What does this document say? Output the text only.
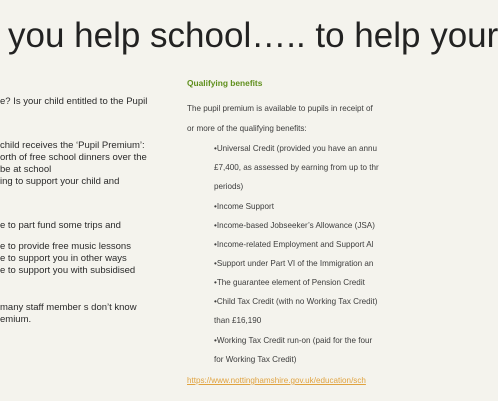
you help school….. to help your
e? Is your child entitled to the Pupil
child receives the ‘Pupil Premium’:
orth of free school dinners over the
be at school
ing to support your child and
e to part fund some trips and
e to provide free music lessons
e to support you in other ways
e to support you with subsidised
many staff member s don’t know
emium.
Qualifying benefits
The pupil premium is available to pupils in receipt of
or more of the qualifying benefits:
•Universal Credit (provided you have an annu
£7,400, as assessed by earning from up to thr
periods)
•Income Support
•Income-based Jobseeker’s Allowance (JSA)
•Income-related Employment and Support Al
•Support under Part VI of the Immigration an
•The guarantee element of Pension Credit
•Child Tax Credit (with no Working Tax Credit)
than £16,190
•Working Tax Credit run-on (paid for the four
for Working Tax Credit)
https://www.nottinghamshire.gov.uk/education/sch
